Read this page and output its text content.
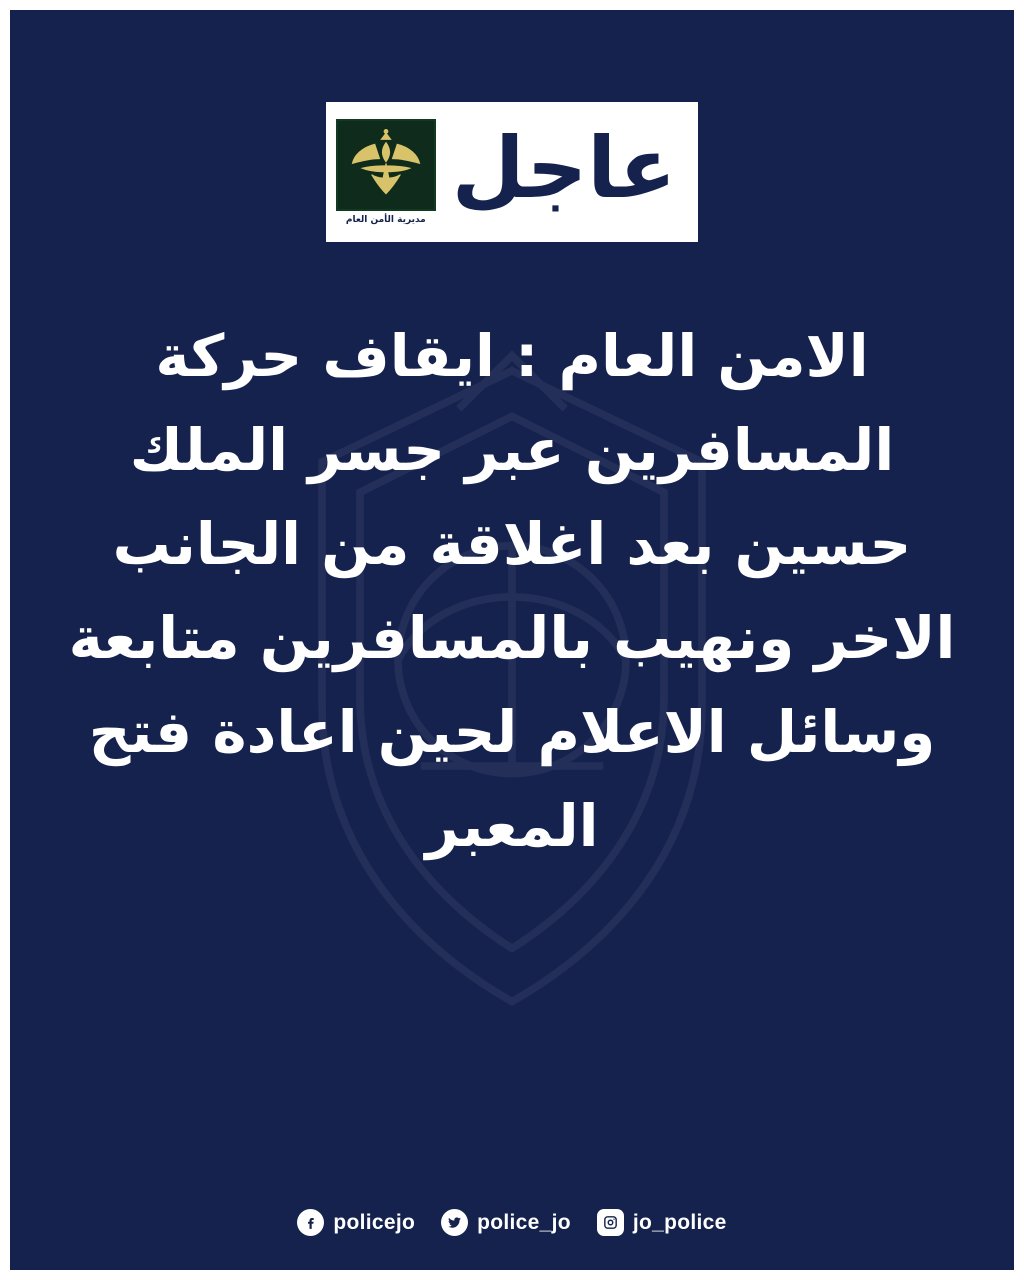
عاجل
مديرية الأمن العام
الامن العام : ايقاف حركة المسافرين عبر جسر الملك حسين بعد اغلاقة من الجانب الاخر ونهيب بالمسافرين متابعة وسائل الاعلام لحين اعادة فتح المعبر
policejo	police_jo	jo_police
